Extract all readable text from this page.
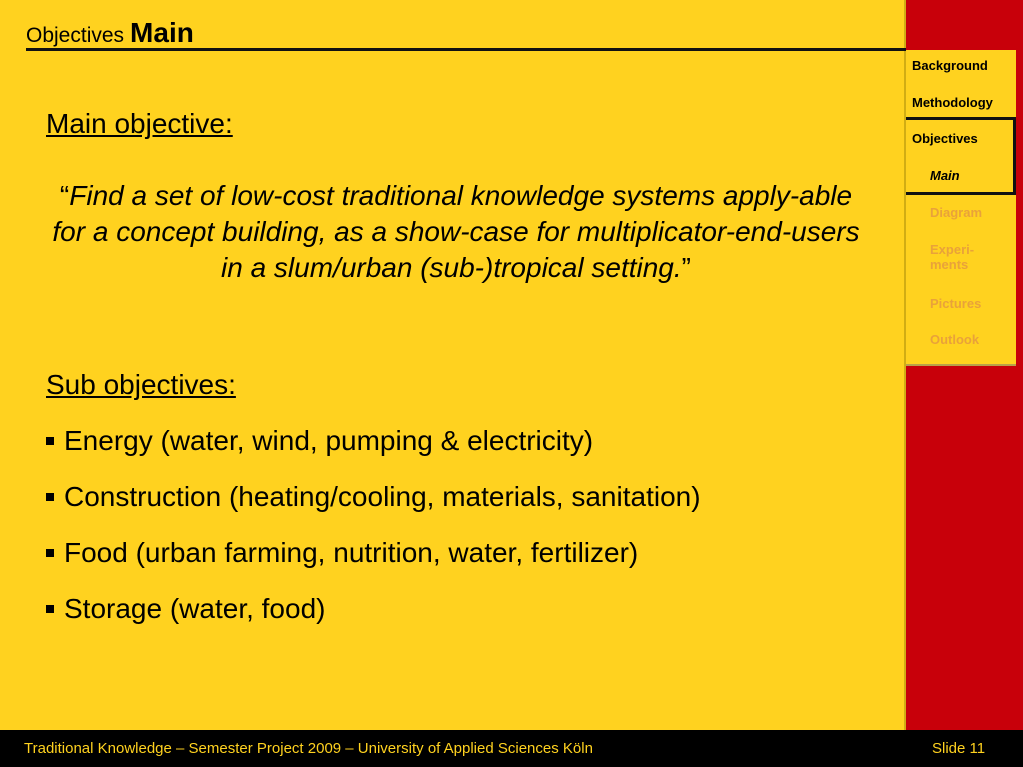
Background
Methodology
Objectives
Main
Diagram
Experi-
ments
Pictures
Outlook
Objectives Main
Main objective:
“Find a set of low-cost traditional knowledge systems apply-able for a concept building, as a show-case for multiplicator-end-users in a slum/urban (sub-)tropical setting.”
Sub objectives:
Energy (water, wind, pumping & electricity)
Construction (heating/cooling, materials, sanitation)
Food (urban farming, nutrition, water, fertilizer)
Storage (water, food)
Traditional Knowledge – Semester Project 2009 – University of Applied Sciences Köln	Slide 11
